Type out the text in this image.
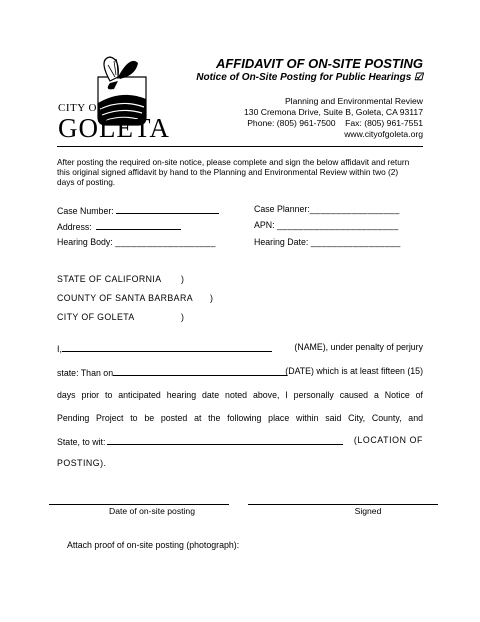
CITY OF
GOLETA
AFFIDAVIT OF ON-SITE POSTING
Notice of On-Site Posting for Public Hearings ☑
Planning and Environmental Review
130 Cremona Drive, Suite B, Goleta, CA 93117
Phone: (805) 961-7500    Fax: (805) 961-7551
www.cityofgoleta.org
After posting the required on-site notice, please complete and sign the below affidavit and return this original signed affidavit by hand to the Planning and Environmental Review within two (2) days of posting.
Case Number:	Case Planner:_________________
Address:	APN: _______________________
Hearing Body: ___________________	Hearing Date: _________________
STATE OF CALIFORNIA )
COUNTY OF SANTA BARBARA )
CITY OF GOLETA	)
I,	(NAME), under penalty of perjury
state: Than on	(DATE) which is at least fifteen (15)
days prior to anticipated hearing date noted above, I personally caused a Notice of
Pending Project to be posted at the following place within said City, County, and
State, to wit:	(LOCATION OF
POSTING).
Date of on-site posting	Signed
Attach proof of on-site posting (photograph):
